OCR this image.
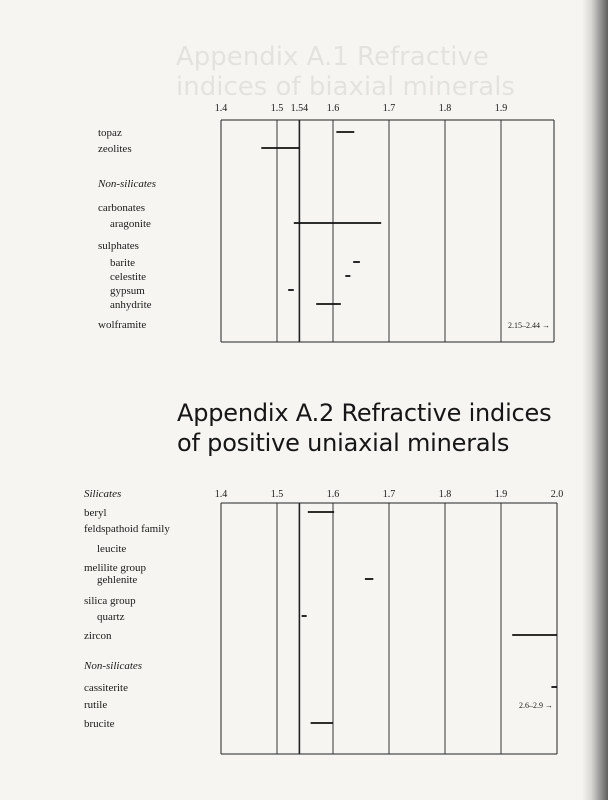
Appendix A.1 Refractive indices of biaxial minerals
1.4	1.5 1.54 1.6	1.7	1.8	1.9
topaz
zeolites
Non-silicates
carbonates
aragonite
sulphates
barite
celestite
gypsum
anhydrite
wolframite	2.15–2.44 →
Appendix A.2 Refractive indices
of positive uniaxial minerals
1.4	1.5	1.6	1.7	1.8	1.9	2.0
Silicates
beryl
feldspathoid family
leucite
melilite group
gehlenite
silica group
quartz
zircon
Non-silicates
cassiterite
rutile	2.6–2.9 →
brucite
